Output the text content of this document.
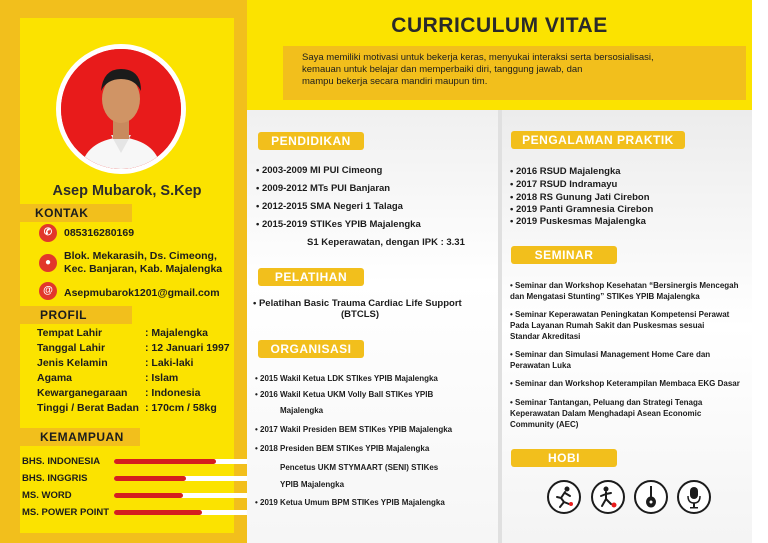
Asep Mubarok, S.Kep
KONTAK
✆	085316280169
●
Blok. Mekarasih, Ds. Cimeong,
Kec. Banjaran, Kab. Majalengka
@	Asepmubarok1201@gmail.com
PROFIL
Tempat Lahir	: Majalengka
Tanggal Lahir	: 12 Januari 1997
Jenis Kelamin	: Laki-laki
Agama	: Islam
Kewarganegaraan : Indonesia
Tinggi / Berat Badan : 170cm / 58kg
KEMAMPUAN
BHS. INDONESIA
BHS. INGGRIS
MS. WORD
MS. POWER POINT
CURRICULUM VITAE
Saya memiliki motivasi untuk bekerja keras, menyukai interaksi serta bersosialisasi,
kemauan untuk belajar dan memperbaiki diri, tanggung jawab, dan
mampu bekerja secara mandiri maupun tim.
PENDIDIKAN
• 2003-2009 MI PUI Cimeong
• 2009-2012 MTs PUI Banjaran
• 2012-2015 SMA Negeri 1 Talaga
• 2015-2019 STIKes YPIB Majalengka
S1 Keperawatan, dengan IPK : 3.31
PELATIHAN
• Pelatihan Basic Trauma Cardiac Life Support
(BTCLS)
ORGANISASI
• 2015 Wakil Ketua LDK STIkes YPIB Majalengka
• 2016 Wakil Ketua UKM Volly Ball STIKes YPIB
Majalengka
• 2017 Wakil Presiden BEM STIKes YPIB Majalengka
• 2018 Presiden BEM STIKes YPIB Majalengka
Pencetus UKM STYMAART (SENI) STIKes
YPIB Majalengka
• 2019 Ketua Umum BPM STIKes YPIB Majalengka
PENGALAMAN PRAKTIK
• 2016 RSUD Majalengka
• 2017 RSUD Indramayu
• 2018 RS Gunung Jati Cirebon
• 2019 Panti Gramnesia Cirebon
• 2019 Puskesmas Majalengka
SEMINAR
• Seminar dan Workshop Kesehatan “Bersinergis Mencegah
dan Mengatasi Stunting” STIKes YPIB Majalengka
• Seminar Keperawatan Peningkatan Kompetensi Perawat
Pada Layanan Rumah Sakit dan Puskesmas sesuai
Standar Akreditasi
• Seminar dan Simulasi Management Home Care dan
Perawatan Luka
• Seminar dan Workshop Keterampilan Membaca EKG Dasar
• Seminar Tantangan, Peluang dan Strategi Tenaga
Keperawatan Dalam Menghadapi Asean Economic
Community (AEC)
HOBI
